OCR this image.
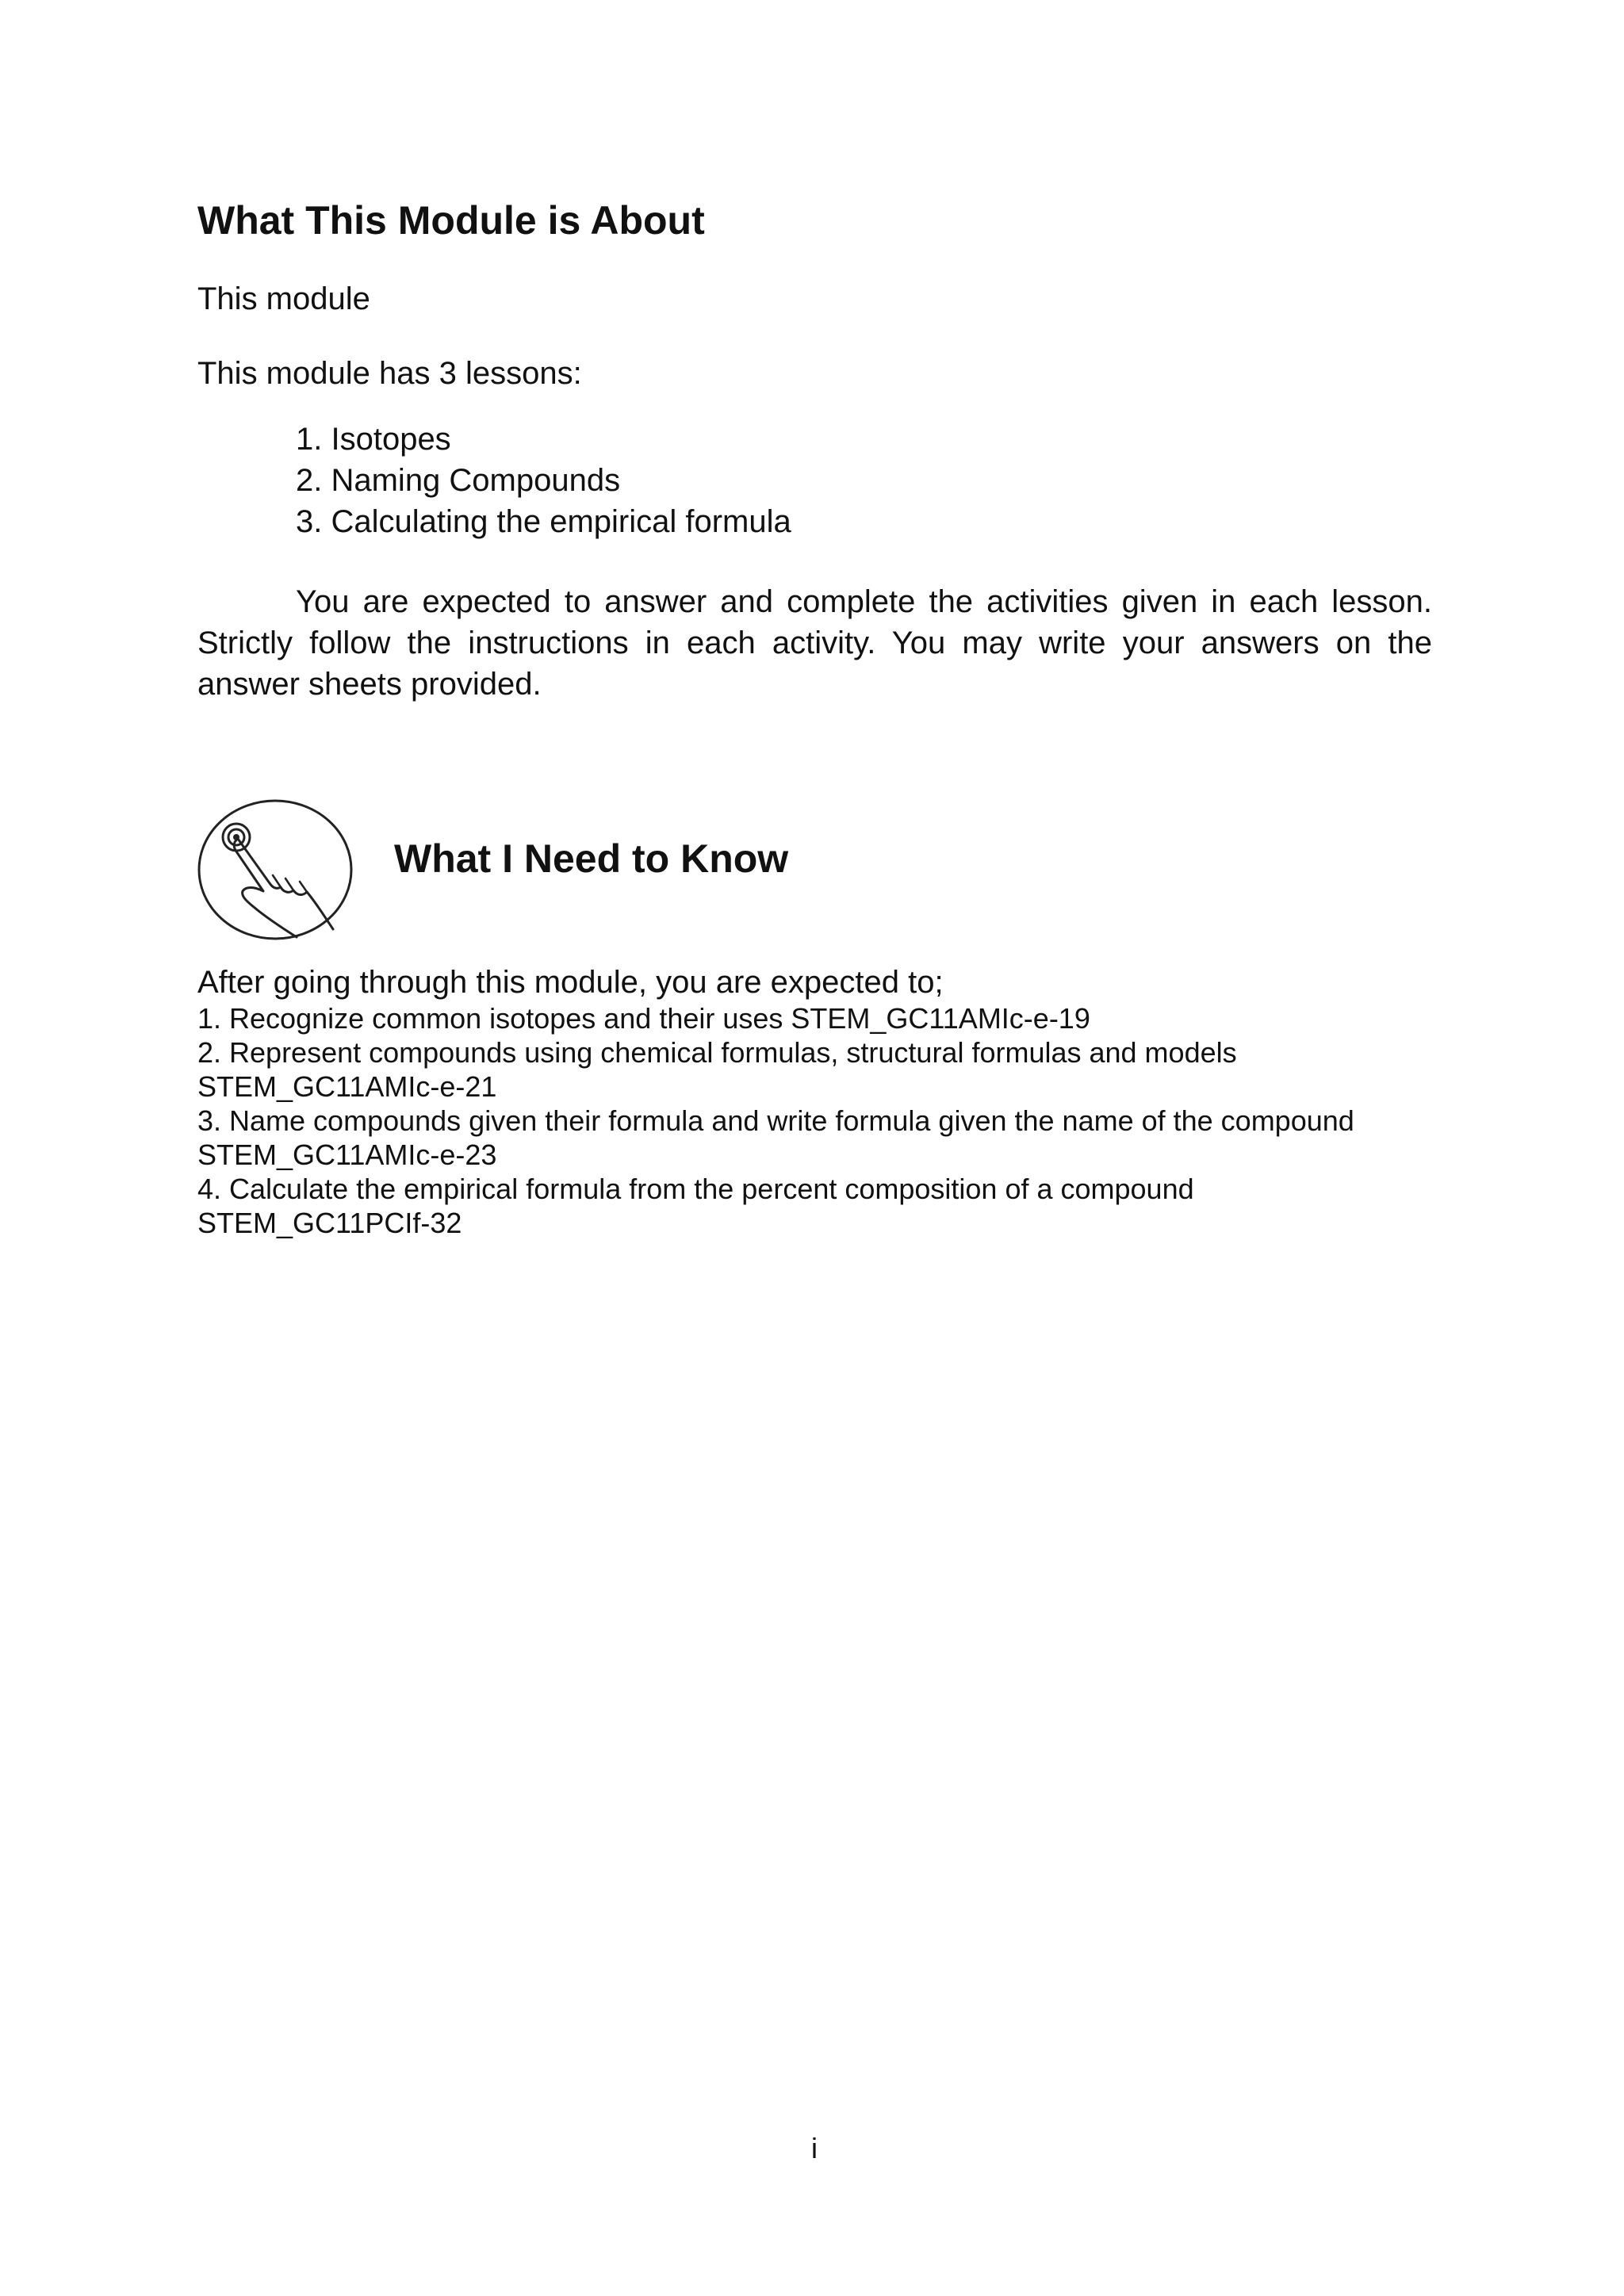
What This Module is About

This module

This module has 3 lessons:

1. Isotopes
2. Naming Compounds
3. Calculating the empirical formula

You are expected to answer and complete the activities given in each lesson. Strictly follow the instructions in each activity. You may write your answers on the answer sheets provided.

What I Need to Know

After going through this module, you are expected to;

1. Recognize common isotopes and their uses STEM_GC11AMIc-e-19
2. Represent compounds using chemical formulas, structural formulas and models
STEM_GC11AMIc-e-21
3. Name compounds given their formula and write formula given the name of the compound
STEM_GC11AMIc-e-23
4. Calculate the empirical formula from the percent composition of a compound
STEM_GC11PCIf-32
i
